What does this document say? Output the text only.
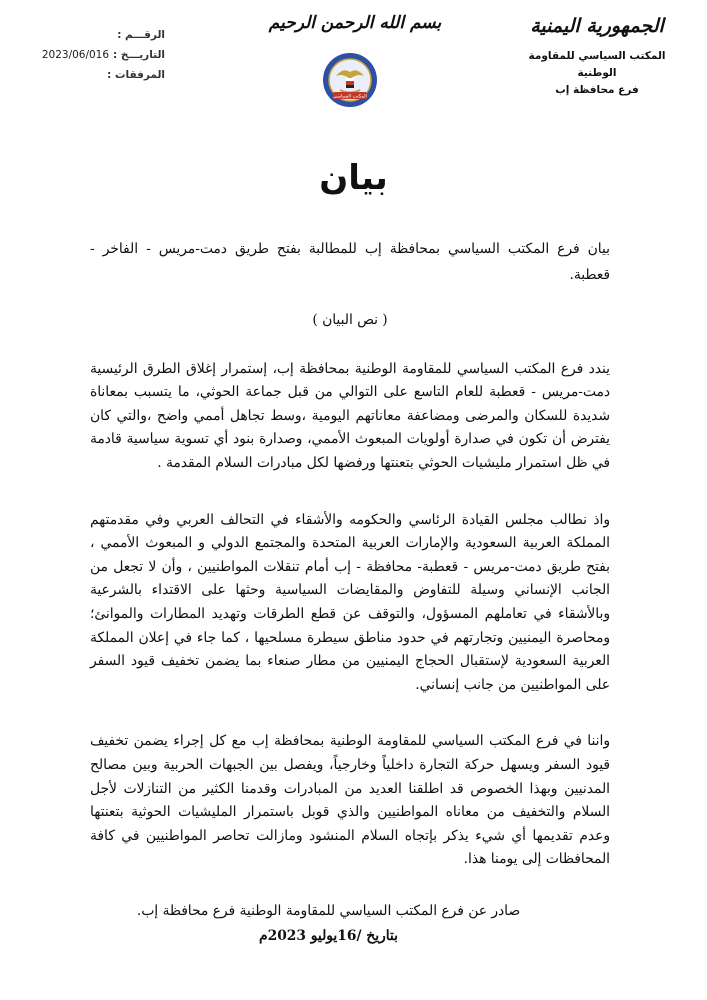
الجمهورية اليمنية
المكتب السياسي للمقاومة الوطنية
فرع محافظة إب
بسم الله الرحمن الرحيم
المكتب السياسي
الرقـــم :
التاريـــخ :
2023/06/016
المرفقات :
بيان

بيان فرع المكتب السياسي بمحافظة إب للمطالبة بفتح طريق دمت-مريس - الفاخر - قعطبة.

( نص البيان )

يندد فرع المكتب السياسي للمقاومة الوطنية بمحافظة إب، إستمرار إغلاق الطرق الرئيسية دمت-مريس - قعطبة للعام التاسع على التوالي من قبل جماعة الحوثي، ما يتسبب بمعاناة شديدة للسكان والمرضى ومضاعفة معاناتهم اليومية ،وسط تجاهل أممي واضح ،والتي كان يفترض أن تكون في صدارة أولويات المبعوث الأممي، وصدارة بنود أي تسوية سياسية قادمة في ظل استمرار مليشيات الحوثي بتعنتها ورفضها لكل مبادرات السلام المقدمة .

واذ نطالب مجلس القيادة الرئاسي والحكومه والأشقاء في التحالف العربي وفي مقدمتهم المملكة العربية السعودية والإمارات العربية المتحدة والمجتمع الدولي و المبعوث الأممي ، بفتح طريق دمت-مريس - قعطبة- محافظة - إب أمام تنقلات المواطنيين ، وأن لا تجعل من الجانب الإنساني وسيلة للتفاوض والمقايضات السياسية وحثها على الاقتداء بالشرعية وبالأشقاء في تعاملهم المسؤول، والتوقف عن قطع الطرقات وتهديد المطارات والموانئ؛ ومحاصرة اليمنيين وتجارتهم في حدود مناطق سيطرة مسلحيها ، كما جاء في إعلان المملكة العربية السعودية لإستقبال الحجاج اليمنيين من مطار صنعاء بما يضمن تخفيف قيود السفر على المواطنيين من جانب إنساني.

واننا في فرع المكتب السياسي للمقاومة الوطنية بمحافظة إب مع كل إجراء يضمن تخفيف قيود السفر ويسهل حركة التجارة داخلياً وخارجياً، ويفصل بين الجبهات الحربية وبين مصالح المدنيين وبهذا الخصوص قد اطلقنا العديد من المبادرات وقدمنا الكثير من التنازلات لأجل السلام والتخفيف من معاناه المواطنيين والذي قوبل باستمرار المليشيات الحوثية بتعنتها وعدم تقديمها أي شيء يذكر بإتجاه السلام المنشود ومازالت تحاصر المواطنيين في كافة المحافظات إلى يومنا هذا.

صادر عن فرع المكتب السياسي للمقاومة الوطنية فرع محافظة إب.
بتاريخ /16يوليو 2023م
